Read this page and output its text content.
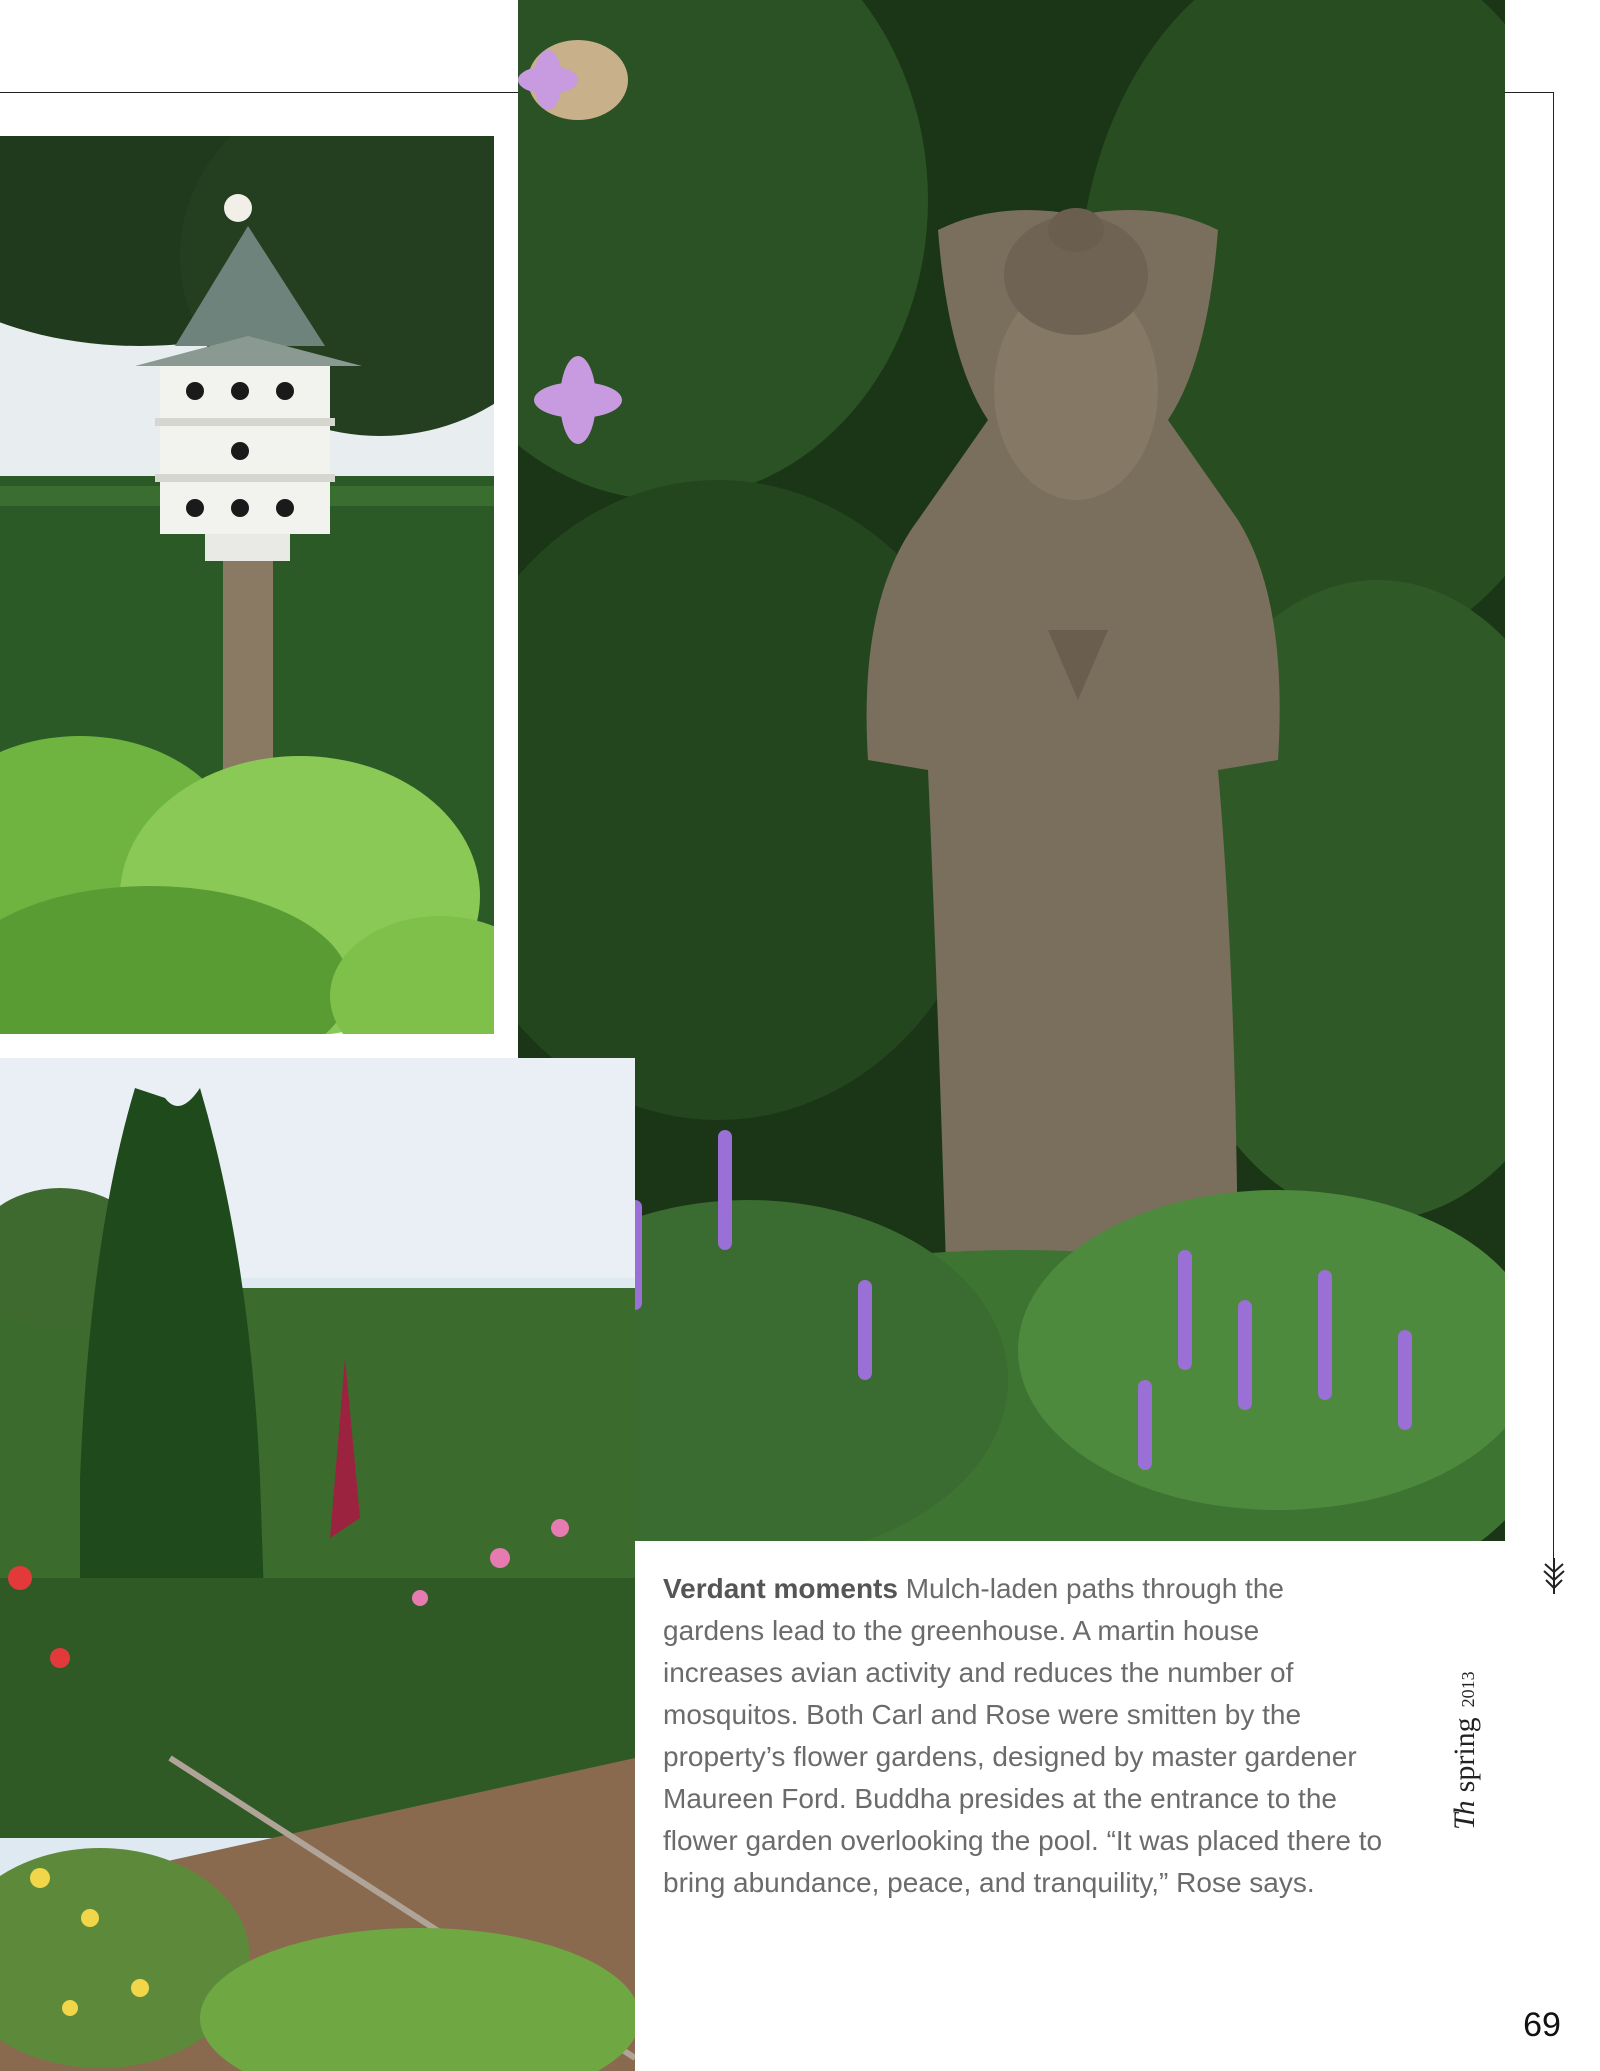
Verdant moments Mulch-laden paths through the gardens lead to the greenhouse. A martin house increases avian activity and reduces the number of mosquitos. Both Carl and Rose were smitten by the property’s flower gardens, designed by master gardener Maureen Ford. Buddha presides at the entrance to the flower garden overlooking the pool. “It was placed there to bring abundance, peace, and tranquility,” Rose says.

Th
spring
2013
69
